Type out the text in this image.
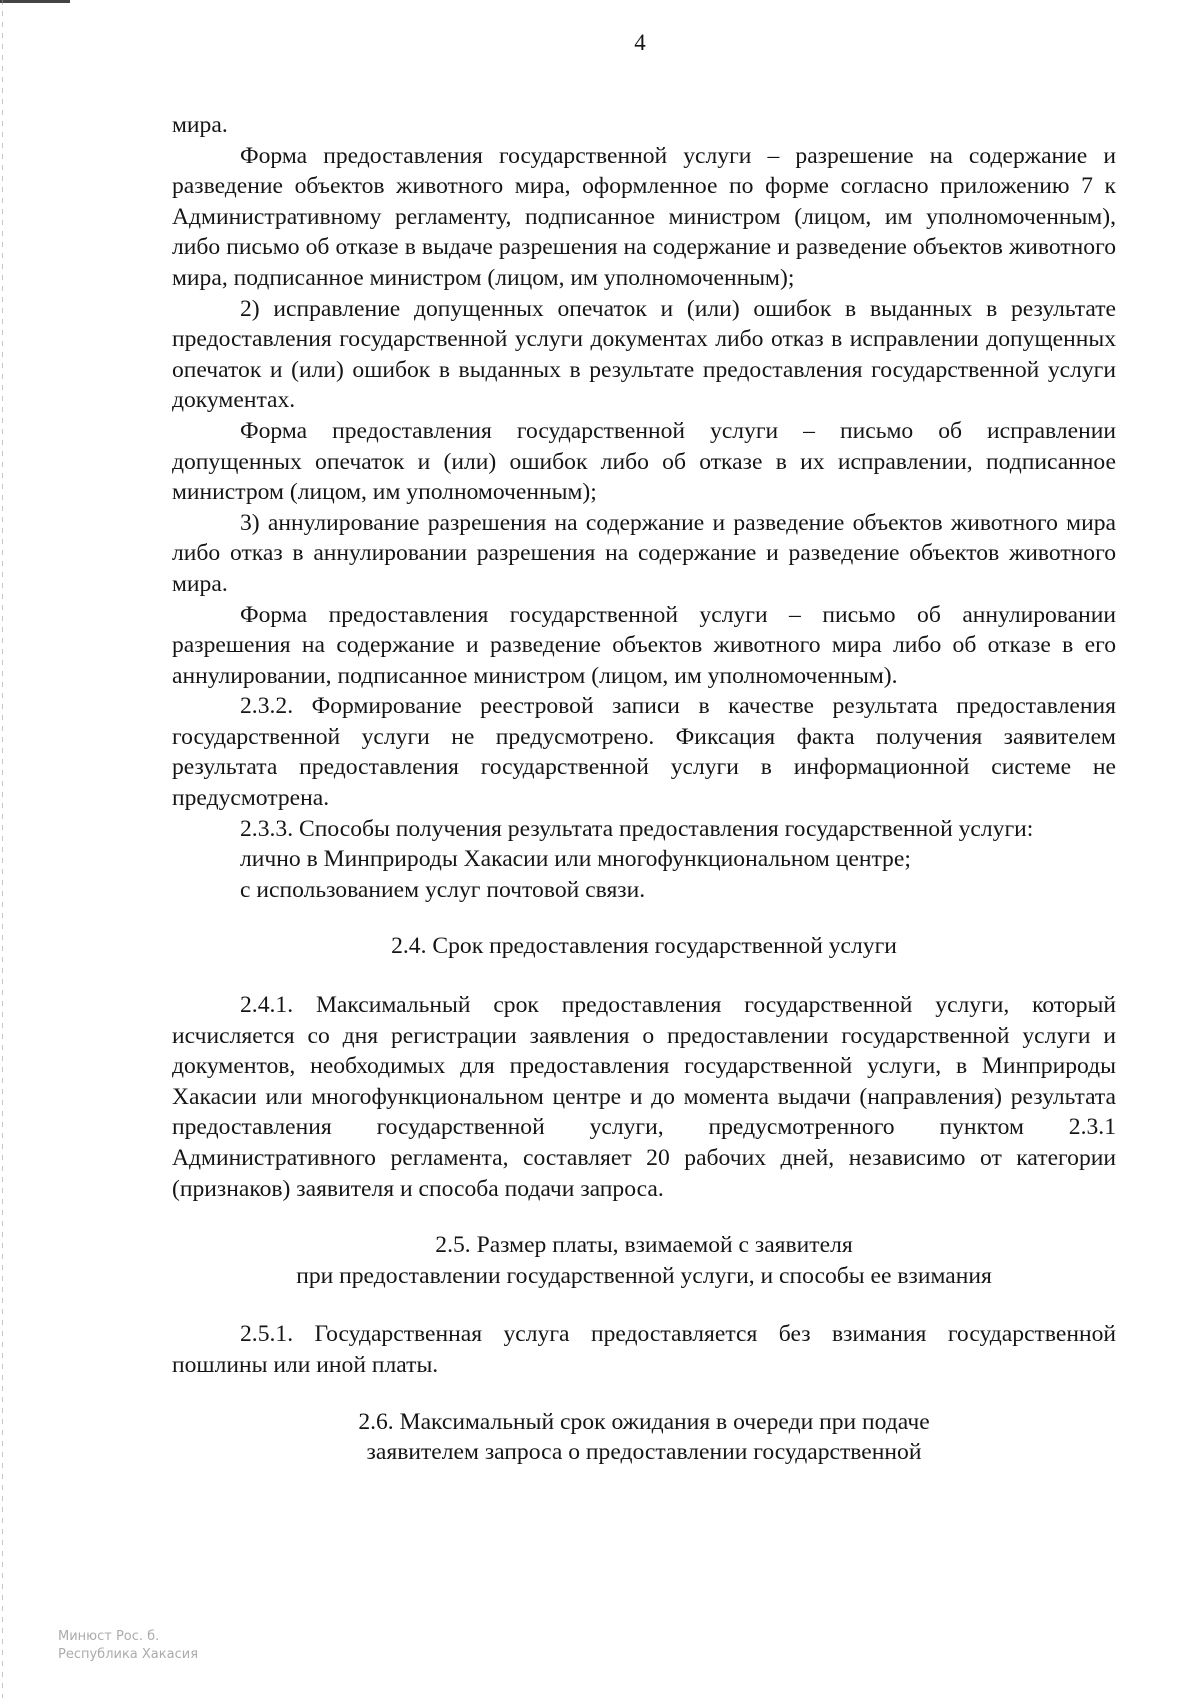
4

мира.

Форма предоставления государственной услуги – разрешение на содержание и разведение объектов животного мира, оформленное по форме согласно приложению 7 к Административному регламенту, подписанное министром (лицом, им уполномоченным), либо письмо об отказе в выдаче разрешения на содержание и разведение объектов животного мира, подписанное министром (лицом, им уполномоченным);

2) исправление допущенных опечаток и (или) ошибок в выданных в результате предоставления государственной услуги документах либо отказ в исправлении допущенных опечаток и (или) ошибок в выданных в результате предоставления государственной услуги документах.

Форма предоставления государственной услуги – письмо об исправлении допущенных опечаток и (или) ошибок либо об отказе в их исправлении, подписанное министром (лицом, им уполномоченным);

3) аннулирование разрешения на содержание и разведение объектов животного мира либо отказ в аннулировании разрешения на содержание и разведение объектов животного мира.

Форма предоставления государственной услуги – письмо об аннулировании разрешения на содержание и разведение объектов животного мира либо об отказе в его аннулировании, подписанное министром (лицом, им уполномоченным).

2.3.2. Формирование реестровой записи в качестве результата предоставления государственной услуги не предусмотрено. Фиксация факта получения заявителем результата предоставления государственной услуги в информационной системе не предусмотрена.

2.3.3. Способы получения результата предоставления государственной услуги:

лично в Минприроды Хакасии или многофункциональном центре;

с использованием услуг почтовой связи.

2.4. Срок предоставления государственной услуги

2.4.1. Максимальный срок предоставления государственной услуги, который исчисляется со дня регистрации заявления о предоставлении государственной услуги и документов, необходимых для предоставления государственной услуги, в Минприроды Хакасии или многофункциональном центре и до момента выдачи (направления) результата предоставления государственной услуги, предусмотренного пунктом 2.3.1 Административного регламента, составляет 20 рабочих дней, независимо от категории (признаков) заявителя и способа подачи запроса.

2.5. Размер платы, взимаемой с заявителя

при предоставлении государственной услуги, и способы ее взимания

2.5.1. Государственная услуга предоставляется без взимания государственной пошлины или иной платы.

2.6. Максимальный срок ожидания в очереди при подаче

заявителем запроса о предоставлении государственной

Минюст Рос. б.
Республика Хакасия
